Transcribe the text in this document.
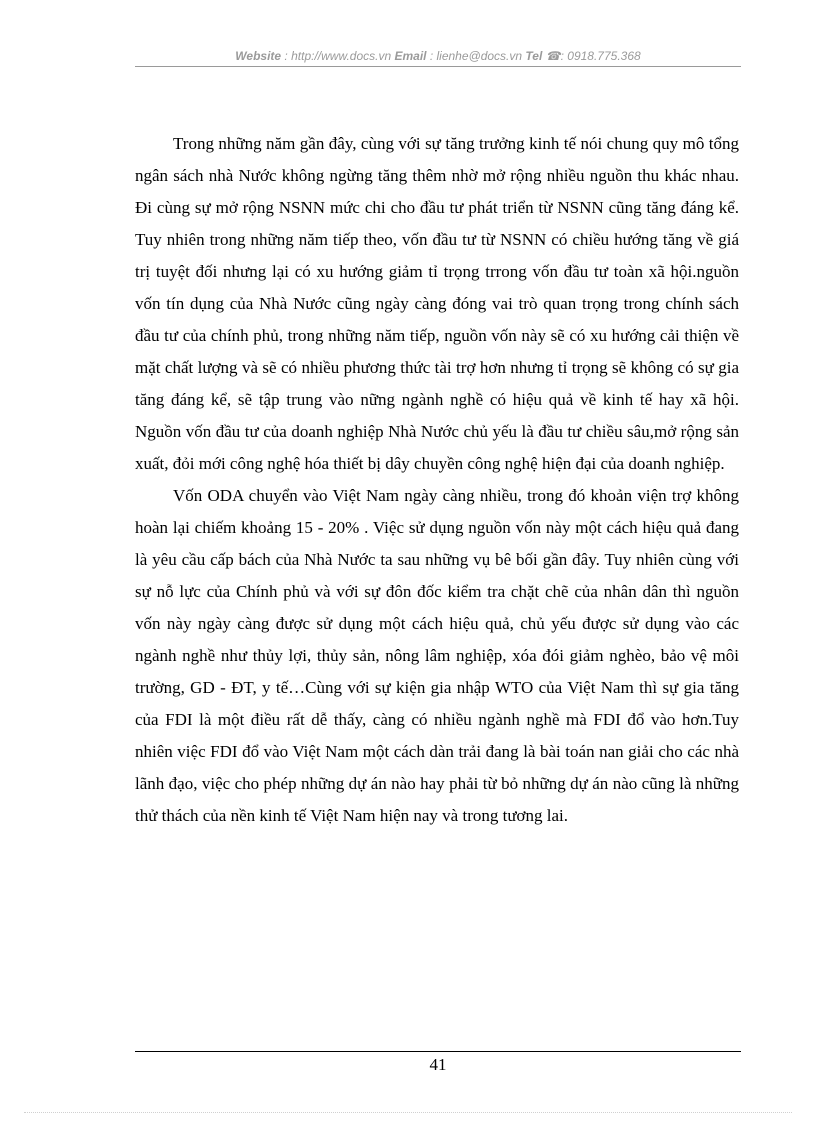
Website : http://www.docs.vn Email : lienhe@docs.vn Tel ☎: 0918.775.368

Trong những năm gần đây, cùng với sự tăng trưởng kinh tế nói chung quy mô tổng ngân sách nhà Nước không ngừng tăng thêm nhờ mở rộng nhiều nguồn thu khác nhau. Đi cùng sự mở rộng NSNN mức chi cho đầu tư phát triển từ NSNN cũng tăng đáng kể. Tuy nhiên trong những năm tiếp theo, vốn đầu tư từ NSNN có chiều hướng tăng về giá trị tuyệt đối nhưng lại có xu hướng giảm tỉ trọng trrong vốn đầu tư toàn xã hội.nguồn vốn tín dụng của Nhà Nước cũng ngày càng đóng vai trò quan trọng trong chính sách đầu tư của chính phủ, trong những năm tiếp, nguồn vốn này sẽ có xu hướng cải thiện về mặt chất lượng và sẽ có nhiều phương thức tài trợ hơn nhưng tỉ trọng sẽ không có sự gia tăng đáng kể, sẽ tập trung vào nững ngành nghề có hiệu quả về kinh tế hay xã hội. Nguồn vốn đầu tư của doanh nghiệp Nhà Nước chủ yếu là đầu tư chiều sâu,mở rộng sản xuất, đỏi mới công nghệ hóa thiết bị dây chuyền công nghệ hiện đại của doanh nghiệp.

Vốn ODA chuyển vào Việt Nam ngày càng nhiều, trong đó khoản viện trợ không hoàn lại chiếm khoảng 15 - 20% . Việc sử dụng nguồn vốn này một cách hiệu quả đang là yêu cầu cấp bách của Nhà Nước ta sau những vụ bê bối gần đây. Tuy nhiên cùng với sự nỗ lực của Chính phủ và với sự đôn đốc kiểm tra chặt chẽ của nhân dân thì nguồn vốn này ngày càng được sử dụng một cách hiệu quả, chủ yếu được sử dụng vào các ngành nghề như thủy lợi, thủy sản, nông lâm nghiệp, xóa đói giảm nghèo, bảo vệ môi trường, GD - ĐT, y tế…Cùng với sự kiện gia nhập WTO của Việt Nam thì sự gia tăng của FDI là một điều rất dễ thấy, càng có nhiều ngành nghề mà FDI đổ vào hơn.Tuy nhiên việc FDI đổ vào Việt Nam một cách dàn trải đang là bài toán nan giải cho các nhà lãnh đạo, việc cho phép những dự án nào hay phải từ bỏ những dự án nào cũng là những thử thách của nền kinh tế Việt Nam hiện nay và trong tương lai.

41
